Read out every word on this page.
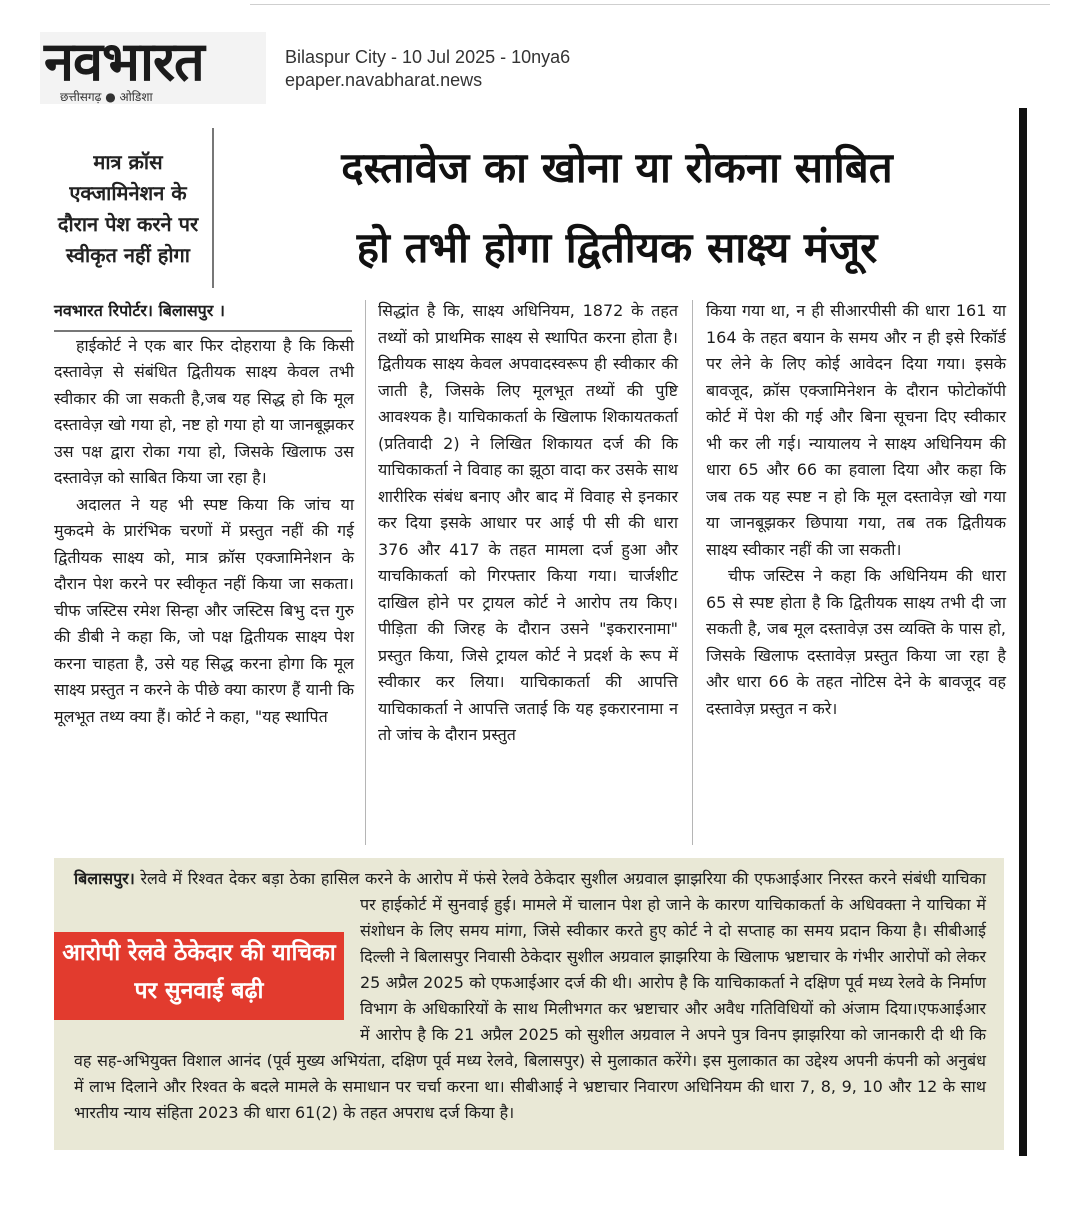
नवभारत
छत्तीसगढ़ ● ओडिशा
Bilaspur City - 10 Jul 2025 - 10nya6
epaper.navabharat.news
मात्र क्रॉस एक्जामिनेशन के दौरान पेश करने पर स्वीकृत नहीं होगा
दस्तावेज का खोना या रोकना साबित
हो तभी होगा द्वितीयक साक्ष्य मंजूर

नवभारत रिपोर्टर। बिलासपुर ।

हाईकोर्ट ने एक बार फिर दोहराया है कि किसी दस्तावेज़ से संबंधित द्वितीयक साक्ष्य केवल तभी स्वीकार की जा सकती है,जब यह सिद्ध हो कि मूल दस्तावेज़ खो गया हो, नष्ट हो गया हो या जानबूझकर उस पक्ष द्वारा रोका गया हो, जिसके खिलाफ उस दस्तावेज़ को साबित किया जा रहा है।

अदालत ने यह भी स्पष्ट किया कि जांच या मुकदमे के प्रारंभिक चरणों में प्रस्तुत नहीं की गई द्वितीयक साक्ष्य को, मात्र क्रॉस एक्जामिनेशन के दौरान पेश करने पर स्वीकृत नहीं किया जा सकता। चीफ जस्टिस रमेश सिन्हा और जस्टिस बिभु दत्त गुरु की डीबी ने कहा कि, जो पक्ष द्वितीयक साक्ष्य पेश करना चाहता है, उसे यह सिद्ध करना होगा कि मूल साक्ष्य प्रस्तुत न करने के पीछे क्या कारण हैं यानी कि मूलभूत तथ्य क्या हैं। कोर्ट ने कहा, "यह स्थापित

सिद्धांत है कि, साक्ष्य अधिनियम, 1872 के तहत तथ्यों को प्राथमिक साक्ष्य से स्थापित करना होता है। द्वितीयक साक्ष्य केवल अपवादस्वरूप ही स्वीकार की जाती है, जिसके लिए मूलभूत तथ्यों की पुष्टि आवश्यक है। याचिकाकर्ता के खिलाफ शिकायतकर्ता (प्रतिवादी 2) ने लिखित शिकायत दर्ज की कि याचिकाकर्ता ने विवाह का झूठा वादा कर उसके साथ शारीरिक संबंध बनाए और बाद में विवाह से इनकार कर दिया इसके आधार पर आई पी सी की धारा 376 और 417 के तहत मामला दर्ज हुआ और याचकिाकर्ता को गिरफ्तार किया गया। चार्जशीट दाखिल होने पर ट्रायल कोर्ट ने आरोप तय किए। पीड़िता की जिरह के दौरान उसने "इकरारनामा" प्रस्तुत किया, जिसे ट्रायल कोर्ट ने प्रदर्श के रूप में स्वीकार कर लिया। याचिकाकर्ता की आपत्ति याचिकाकर्ता ने आपत्ति जताई कि यह इकरारनामा न तो जांच के दौरान प्रस्तुत

किया गया था, न ही सीआरपीसी की धारा 161 या 164 के तहत बयान के समय और न ही इसे रिकॉर्ड पर लेने के लिए कोई आवेदन दिया गया। इसके बावजूद, क्रॉस एक्जामिनेशन के दौरान फोटोकॉपी कोर्ट में पेश की गई और बिना सूचना दिए स्वीकार भी कर ली गई। न्यायालय ने साक्ष्य अधिनियम की धारा 65 और 66 का हवाला दिया और कहा कि जब तक यह स्पष्ट न हो कि मूल दस्तावेज़ खो गया या जानबूझकर छिपाया गया, तब तक द्वितीयक साक्ष्य स्वीकार नहीं की जा सकती।

चीफ जस्टिस ने कहा कि अधिनियम की धारा 65 से स्पष्ट होता है कि द्वितीयक साक्ष्य तभी दी जा सकती है, जब मूल दस्तावेज़ उस व्यक्ति के पास हो, जिसके खिलाफ दस्तावेज़ प्रस्तुत किया जा रहा है और धारा 66 के तहत नोटिस देने के बावजूद वह दस्तावेज़ प्रस्तुत न करे।

बिलासपुर। रेलवे में रिश्वत देकर बड़ा ठेका हासिल करने के आरोप में फंसे रेलवे ठेकेदार सुशील अग्रवाल झाझरिया की एफआईआर निरस्त करने संबंधी याचिका पर हाईकोर्ट में सुनवाई हुई। मामले में चालान पेश हो जाने के कारण याचिकाकर्ता के अधिवक्ता ने
आरोपी रेलवे ठेकेदार की याचिका पर सुनवाई बढ़ी
याचिका में संशोधन के लिए समय मांगा, जिसे स्वीकार करते हुए कोर्ट ने दो सप्ताह का समय प्रदान किया है। सीबीआई दिल्ली ने बिलासपुर निवासी ठेकेदार सुशील अग्रवाल झाझरिया के खिलाफ भ्रष्टाचार के गंभीर आरोपों को लेकर 25 अप्रैल 2025 को एफआईआर दर्ज की थी। आरोप है कि याचिकाकर्ता ने दक्षिण पूर्व मध्य रेलवे के निर्माण विभाग के अधिकारियों के साथ मिलीभगत कर भ्रष्टाचार और अवैध गतिविधियों को अंजाम दिया।एफआईआर में आरोप है कि 21 अप्रैल 2025 को सुशील अग्रवाल ने अपने पुत्र विनप झाझरिया को जानकारी दी थी कि वह सह-अभियुक्त विशाल आनंद (पूर्व मुख्य अभियंता, दक्षिण पूर्व मध्य रेलवे, बिलासपुर) से मुलाकात करेंगे। इस मुलाकात का उद्देश्य अपनी कंपनी को अनुबंध में लाभ दिलाने और रिश्वत के बदले मामले के समाधान पर चर्चा करना था। सीबीआई ने भ्रष्टाचार निवारण अधिनियम की धारा 7, 8, 9, 10 और 12 के साथ भारतीय न्याय संहिता 2023 की धारा 61(2) के तहत अपराध दर्ज किया है।
